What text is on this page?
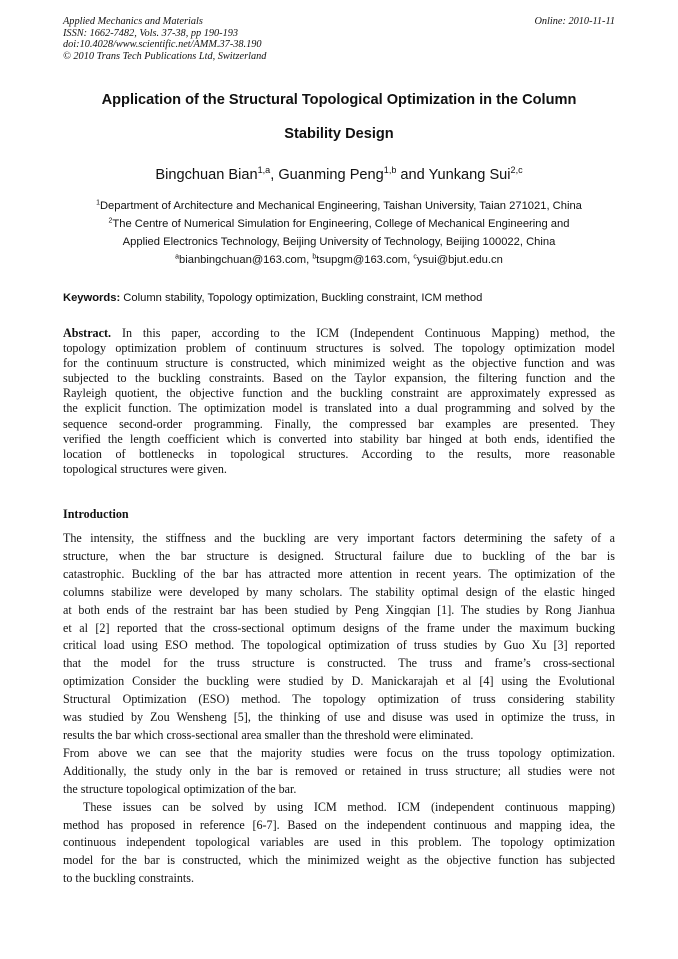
Applied Mechanics and Materials
ISSN: 1662-7482, Vols. 37-38, pp 190-193
doi:10.4028/www.scientific.net/AMM.37-38.190
© 2010 Trans Tech Publications Ltd, Switzerland
Online: 2010-11-11
Application of the Structural Topological Optimization in the Column
Stability Design
Bingchuan Bian$^{1,a}$, Guanming Peng$^{1,b}$ and Yunkang Sui$^{2,c}$
$^1$Department of Architecture and Mechanical Engineering, Taishan University, Taian 271021, China
$^2$The Centre of Numerical Simulation for Engineering, College of Mechanical Engineering and
Applied Electronics Technology, Beijing University of Technology, Beijing 100022, China
$^a$bianbingchuan@163.com, $^b$tsupgm@163.com, $^c$ysui@bjut.edu.cn
Keywords: Column stability, Topology optimization, Buckling constraint, ICM method
Abstract. In this paper, according to the ICM (Independent Continuous Mapping) method, the
topology optimization problem of continuum structures is solved. The topology optimization model
for the continuum structure is constructed, which minimized weight as the objective function and was
subjected to the buckling constraints. Based on the Taylor expansion, the filtering function and the
Rayleigh quotient, the objective function and the buckling constraint are approximately expressed as
the explicit function. The optimization model is translated into a dual programming and solved by the
sequence second-order programming. Finally, the compressed bar examples are presented. They
verified the length coefficient which is converted into stability bar hinged at both ends, identified the
location of bottlenecks in topological structures. According to the results, more reasonable
topological structures were given.
Introduction
The intensity, the stiffness and the buckling are very important factors determining the safety of a
structure, when the bar structure is designed. Structural failure due to buckling of the bar is
catastrophic. Buckling of the bar has attracted more attention in recent years. The optimization of the
columns stabilize were developed by many scholars. The stability optimal design of the elastic hinged
at both ends of the restraint bar has been studied by Peng Xingqian [1]. The studies by Rong Jianhua
et al [2] reported that the cross-sectional optimum designs of the frame under the maximum bucking
critical load using ESO method. The topological optimization of truss studies by Guo Xu [3] reported
that the model for the truss structure is constructed. The truss and frame’s cross-sectional
optimization Consider the buckling were studied by D. Manickarajah et al [4] using the Evolutional
Structural Optimization (ESO) method. The topology optimization of truss considering stability
was studied by Zou Wensheng [5], the thinking of use and disuse was used in optimize the truss, in
results the bar which cross-sectional area smaller than the threshold were eliminated.
From above we can see that the majority studies were focus on the truss topology optimization.
Additionally, the study only in the bar is removed or retained in truss structure; all studies were not
the structure topological optimization of the bar.
These issues can be solved by using ICM method. ICM (independent continuous mapping)
method has proposed in reference [6-7]. Based on the independent continuous and mapping idea, the
continuous independent topological variables are used in this problem. The topology optimization
model for the bar is constructed, which the minimized weight as the objective function has subjected
to the buckling constraints.
